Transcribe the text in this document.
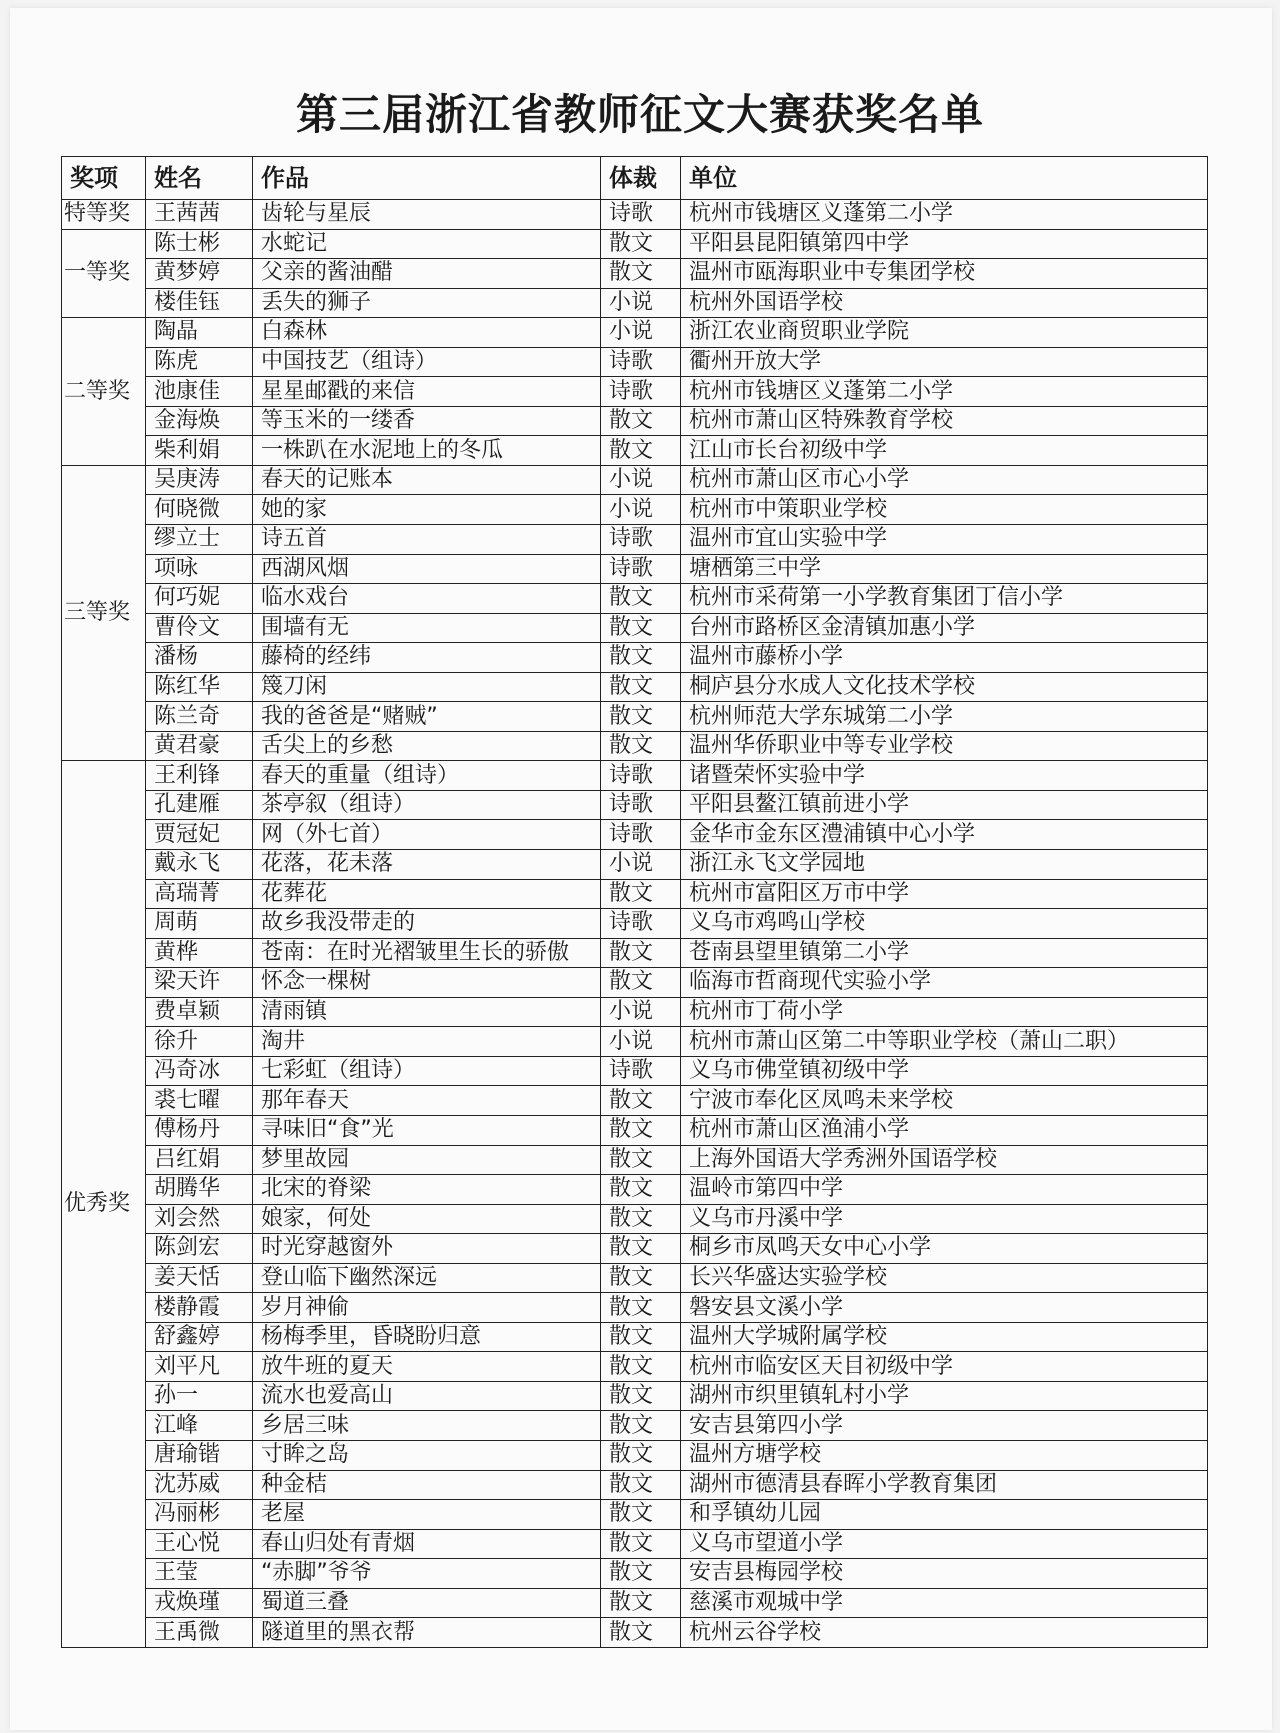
第三届浙江省教师征文大赛获奖名单
奖项	姓名	作品	体裁	单位
特等奖	王茜茜	齿轮与星辰	诗歌	杭州市钱塘区义蓬第二小学
一等奖	陈士彬	水蛇记	散文	平阳县昆阳镇第四中学
	黄梦婷	父亲的酱油醋	散文	温州市瓯海职业中专集团学校
	楼佳钰	丢失的狮子	小说	杭州外国语学校
二等奖	陶晶	白森林	小说	浙江农业商贸职业学院
	陈虎	中国技艺（组诗）	诗歌	衢州开放大学
	池康佳	星星邮戳的来信	诗歌	杭州市钱塘区义蓬第二小学
	金海焕	等玉米的一缕香	散文	杭州市萧山区特殊教育学校
	柴利娟	一株趴在水泥地上的冬瓜	散文	江山市长台初级中学
三等奖	吴庚涛	春天的记账本	小说	杭州市萧山区市心小学
	何晓微	她的家	小说	杭州市中策职业学校
	缪立士	诗五首	诗歌	温州市宜山实验中学
	项咏	西湖风烟	诗歌	塘栖第三中学
	何巧妮	临水戏台	散文	杭州市采荷第一小学教育集团丁信小学
	曹伶文	围墙有无	散文	台州市路桥区金清镇加惠小学
	潘杨	藤椅的经纬	散文	温州市藤桥小学
	陈红华	篾刀闲	散文	桐庐县分水成人文化技术学校
	陈兰奇	我的爸爸是“赌贼”	散文	杭州师范大学东城第二小学
	黄君豪	舌尖上的乡愁	散文	温州华侨职业中等专业学校
优秀奖	王利锋	春天的重量（组诗）	诗歌	诸暨荣怀实验中学
	孔建雁	茶亭叙（组诗）	诗歌	平阳县鳌江镇前进小学
	贾冠妃	网（外七首）	诗歌	金华市金东区澧浦镇中心小学
	戴永飞	花落，花未落	小说	浙江永飞文学园地
	高瑞菁	花葬花	散文	杭州市富阳区万市中学
	周萌	故乡我没带走的	诗歌	义乌市鸡鸣山学校
	黄桦	苍南：在时光褶皱里生长的骄傲	散文	苍南县望里镇第二小学
	梁天许	怀念一棵树	散文	临海市哲商现代实验小学
	费卓颖	清雨镇	小说	杭州市丁荷小学
	徐升	淘井	小说	杭州市萧山区第二中等职业学校（萧山二职）
	冯奇冰	七彩虹（组诗）	诗歌	义乌市佛堂镇初级中学
	裘七曜	那年春天	散文	宁波市奉化区凤鸣未来学校
	傅杨丹	寻味旧“食”光	散文	杭州市萧山区渔浦小学
	吕红娟	梦里故园	散文	上海外国语大学秀洲外国语学校
	胡腾华	北宋的脊梁	散文	温岭市第四中学
	刘会然	娘家，何处	散文	义乌市丹溪中学
	陈剑宏	时光穿越窗外	散文	桐乡市凤鸣天女中心小学
	姜天恬	登山临下幽然深远	散文	长兴华盛达实验学校
	楼静霞	岁月神偷	散文	磐安县文溪小学
	舒鑫婷	杨梅季里，昏晓盼归意	散文	温州大学城附属学校
	刘平凡	放牛班的夏天	散文	杭州市临安区天目初级中学
	孙一	流水也爱高山	散文	湖州市织里镇轧村小学
	江峰	乡居三味	散文	安吉县第四小学
	唐瑜锴	寸眸之岛	散文	温州方塘学校
	沈苏威	种金桔	散文	湖州市德清县春晖小学教育集团
	冯丽彬	老屋	散文	和孚镇幼儿园
	王心悦	春山归处有青烟	散文	义乌市望道小学
	王莹	“赤脚”爷爷	散文	安吉县梅园学校
	戎焕瑾	蜀道三叠	散文	慈溪市观城中学
	王禹微	隧道里的黑衣帮	散文	杭州云谷学校
